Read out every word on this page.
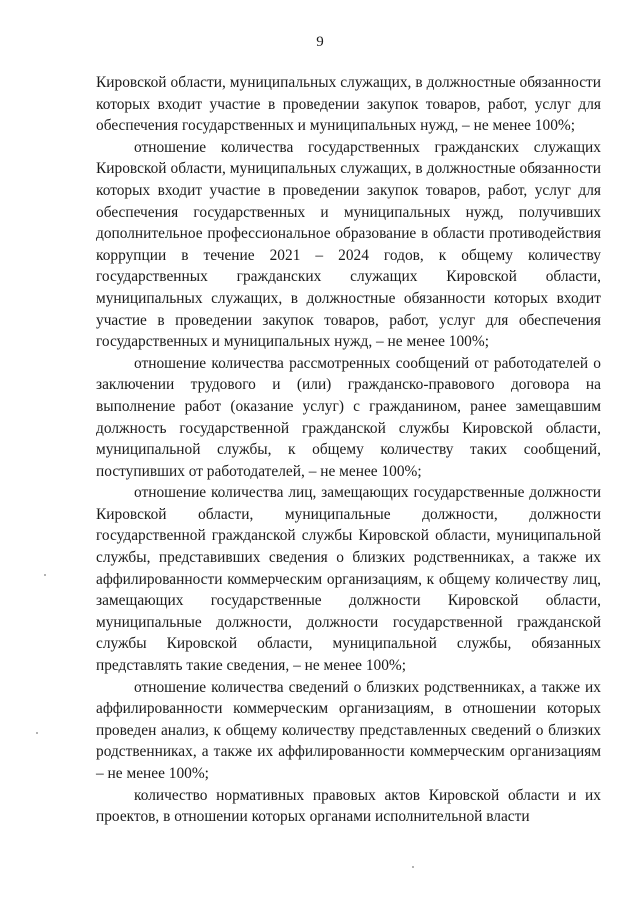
9

Кировской области, муниципальных служащих, в должностные обязанности которых входит участие в проведении закупок товаров, работ, услуг для обеспечения государственных и муниципальных нужд, – не менее 100%;

отношение количества государственных гражданских служащих Кировской области, муниципальных служащих, в должностные обязанности которых входит участие в проведении закупок товаров, работ, услуг для обеспечения государственных и муниципальных нужд, получивших дополнительное профессиональное образование в области противодействия коррупции в течение 2021 – 2024 годов, к общему количеству государственных гражданских служащих Кировской области, муниципальных служащих, в должностные обязанности которых входит участие в проведении закупок товаров, работ, услуг для обеспечения государственных и муниципальных нужд, – не менее 100%;

отношение количества рассмотренных сообщений от работодателей о заключении трудового и (или) гражданско-правового договора на выполнение работ (оказание услуг) с гражданином, ранее замещавшим должность государственной гражданской службы Кировской области, муниципальной службы, к общему количеству таких сообщений, поступивших от работодателей, – не менее 100%;

отношение количества лиц, замещающих государственные должности Кировской области, муниципальные должности, должности государственной гражданской службы Кировской области, муниципальной службы, представивших сведения о близких родственниках, а также их аффилированности коммерческим организациям, к общему количеству лиц, замещающих государственные должности Кировской области, муниципальные должности, должности государственной гражданской службы Кировской области, муниципальной службы, обязанных представлять такие сведения, – не менее 100%;

отношение количества сведений о близких родственниках, а также их аффилированности коммерческим организациям, в отношении которых проведен анализ, к общему количеству представленных сведений о близких родственниках, а также их аффилированности коммерческим организациям – не менее 100%;

количество нормативных правовых актов Кировской области и их проектов, в отношении которых органами исполнительной власти
